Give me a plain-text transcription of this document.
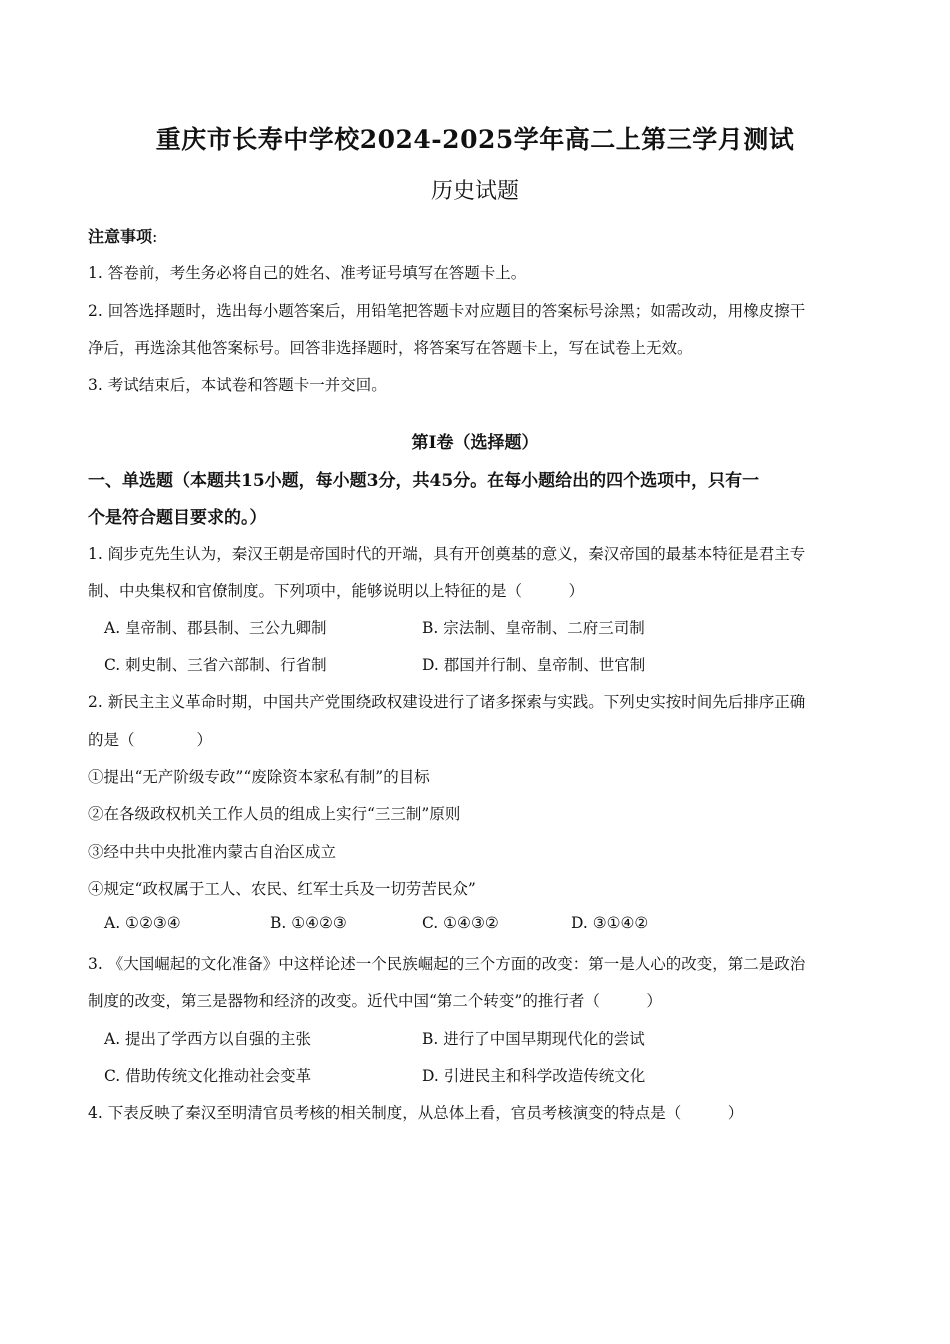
重庆市长寿中学校2024-2025学年高二上第三学月测试
历史试题
注意事项:
1. 答卷前，考生务必将自己的姓名、准考证号填写在答题卡上。
2. 回答选择题时，选出每小题答案后，用铅笔把答题卡对应题目的答案标号涂黑；如需改动，用橡皮擦干
净后，再选涂其他答案标号。回答非选择题时，将答案写在答题卡上，写在试卷上无效。
3. 考试结束后，本试卷和答题卡一并交回。
第I卷（选择题）
一、单选题（本题共15小题，每小题3分，共45分。在每小题给出的四个选项中，只有一
个是符合题目要求的。）
1. 阎步克先生认为，秦汉王朝是帝国时代的开端，具有开创奠基的意义，秦汉帝国的最基本特征是君主专
制、中央集权和官僚制度。下列项中，能够说明以上特征的是（　　　）
A. 皇帝制、郡县制、三公九卿制	B. 宗法制、皇帝制、二府三司制
C. 刺史制、三省六部制、行省制	D. 郡国并行制、皇帝制、世官制
2. 新民主主义革命时期，中国共产党围绕政权建设进行了诸多探索与实践。下列史实按时间先后排序正确
的是（　　　　）
①提出“无产阶级专政”“废除资本家私有制”的目标
②在各级政权机关工作人员的组成上实行“三三制”原则
③经中共中央批准内蒙古自治区成立
④规定“政权属于工人、农民、红军士兵及一切劳苦民众”
A. ①②③④	B. ①④②③	C. ①④③②	D. ③①④②
3. 《大国崛起的文化准备》中这样论述一个民族崛起的三个方面的改变：第一是人心的改变，第二是政治
制度的改变，第三是器物和经济的改变。近代中国“第二个转变”的推行者（　　　）
A. 提出了学西方以自强的主张	B. 进行了中国早期现代化的尝试
C. 借助传统文化推动社会变革	D. 引进民主和科学改造传统文化
4. 下表反映了秦汉至明清官员考核的相关制度，从总体上看，官员考核演变的特点是（　　　）
